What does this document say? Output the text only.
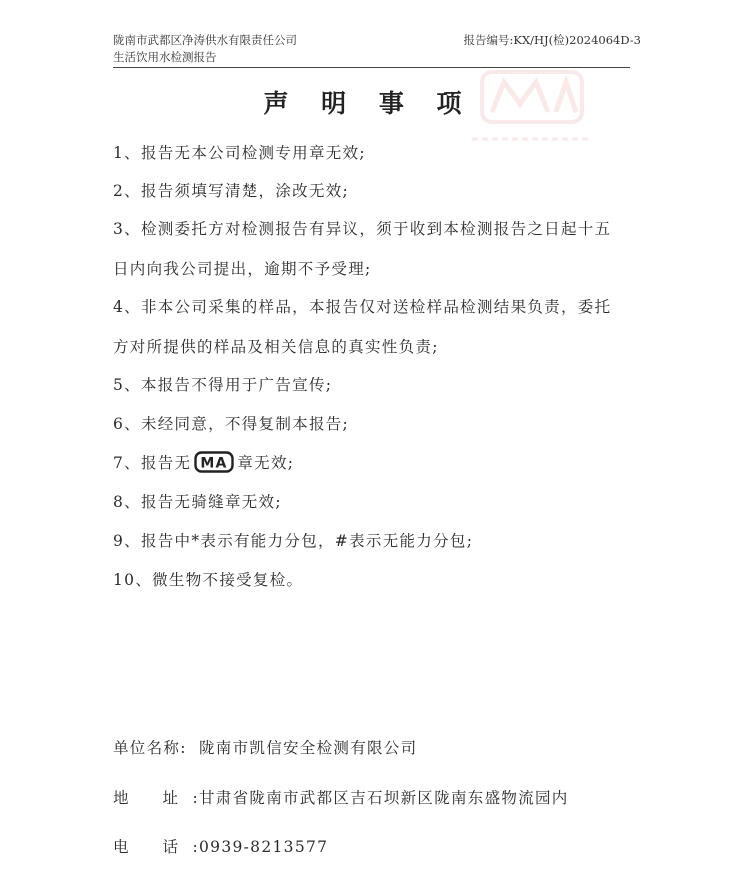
陇南市武都区净涛供水有限责任公司
生活饮用水检测报告
报告编号:KX/HJ(检)2024064D-3
声 明 事 项
1、报告无本公司检测专用章无效;
2、报告须填写清楚，涂改无效;
3、检测委托方对检测报告有异议，须于收到本检测报告之日起十五
日内向我公司提出，逾期不予受理;
4、非本公司采集的样品，本报告仅对送检样品检测结果负责，委托
方对所提供的样品及相关信息的真实性负责;
5、本报告不得用于广告宣传;
6、未经同意，不得复制本报告;
7、报告无 MA 章无效;
8、报告无骑缝章无效;
9、报告中*表示有能力分包，#表示无能力分包;
10、微生物不接受复检。
单位名称: 陇南市凯信安全检测有限公司
地 址:甘肃省陇南市武都区吉石坝新区陇南东盛物流园内
电 话:0939-8213577
